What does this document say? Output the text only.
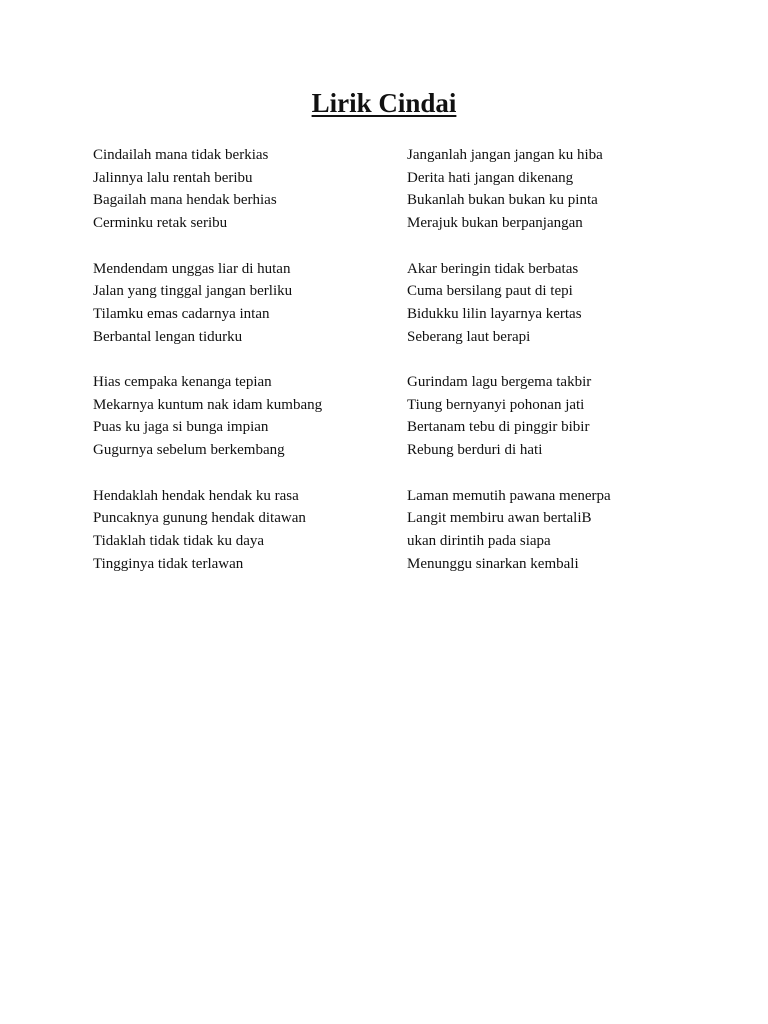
Lirik Cindai
Cindailah mana tidak berkias
Jalinnya lalu rentah beribu
Bagailah mana hendak berhias
Cerminku retak seribu
Mendendam unggas liar di hutan
Jalan yang tinggal jangan berliku
Tilamku emas cadarnya intan
Berbantal lengan tidurku
Hias cempaka kenanga tepian
Mekarnya kuntum nak idam kumbang
Puas ku jaga si bunga impian
Gugurnya sebelum berkembang
Hendaklah hendak hendak ku rasa
Puncaknya gunung hendak ditawan
Tidaklah tidak tidak ku daya
Tingginya tidak terlawan
Janganlah jangan jangan ku hiba
Derita hati jangan dikenang
Bukanlah bukan bukan ku pinta
Merajuk bukan berpanjangan
Akar beringin tidak berbatas
Cuma bersilang paut di tepi
Bidukku lilin layarnya kertas
Seberang laut berapi
Gurindam lagu bergema takbir
Tiung bernyanyi pohonan jati
Bertanam tebu di pinggir bibir
Rebung berduri di hati
Laman memutih pawana menerpa
Langit membiru awan bertaliB
ukan dirintih pada siapa
Menunggu sinarkan kembali
